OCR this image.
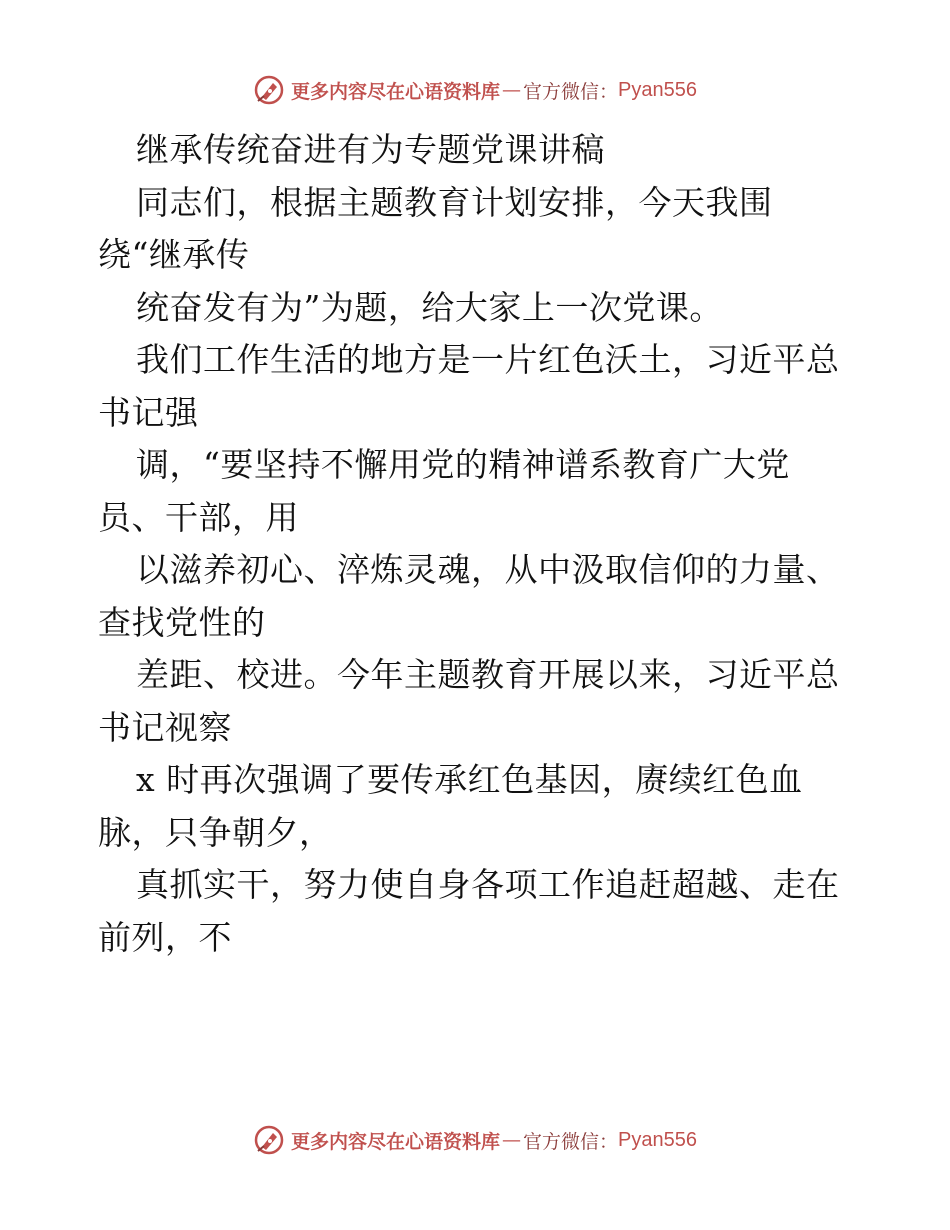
更多内容尽在心语资料库 — 官方微信： Pyan556
继承传统奋进有为专题党课讲稿
同志们，根据主题教育计划安排，今天我围
绕“继承传
统奋发有为”为题，给大家上一次党课。
我们工作生活的地方是一片红色沃土，习近平总
书记强
调，“要坚持不懈用党的精神谱系教育广大党
员、干部，用
以滋养初心、淬炼灵魂，从中汲取信仰的力量、
查找党性的
差距、校进。今年主题教育开展以来，习近平总
书记视察
x 时再次强调了要传承红色基因，赓续红色血
脉，只争朝夕，
真抓实干，努力使自身各项工作追赶超越、走在
前列，不
更多内容尽在心语资料库 — 官方微信： Pyan556
